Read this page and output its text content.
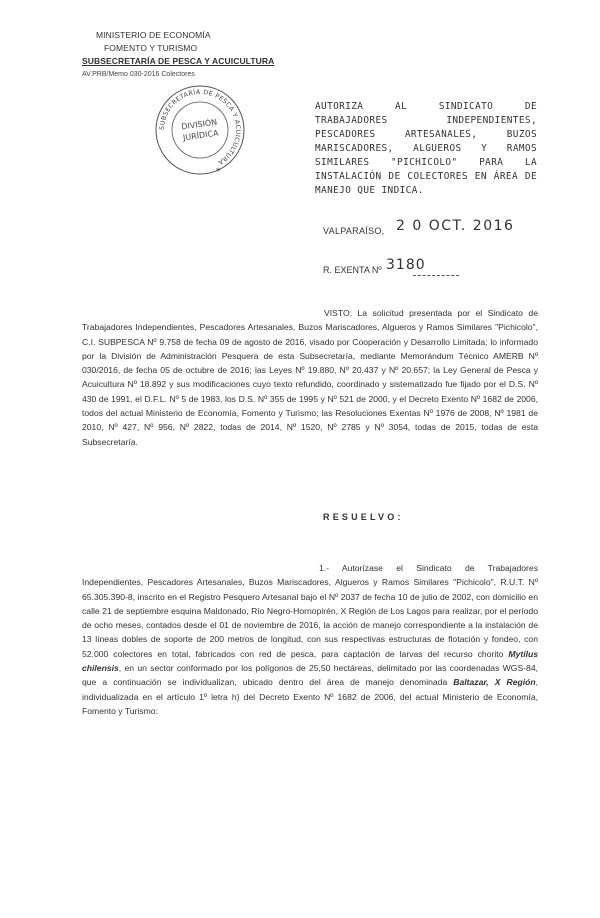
MINISTERIO DE ECONOMÍA
FOMENTO Y TURISMO
SUBSECRETARÍA DE PESCA Y ACUICULTURA
AV.PRB/Memo 030-2016 Colectores
SUBSECRETARÍA DE PESCA Y ACUICULTURA
DIVISIÓN
JURÍDICA
*
AUTORIZA AL SINDICATO DE TRABAJADORES INDEPENDIENTES, PESCADORES ARTESANALES, BUZOS MARISCADORES, ALGUEROS Y RAMOS SIMILARES "PICHICOLO" PARA LA INSTALACIÓN DE COLECTORES EN ÁREA DE MANEJO QUE INDICA.
VALPARAÍSO, 2 0 OCT. 2016
R. EXENTA Nº 3180
VISTO: La solicitud presentada por el Sindicato de Trabajadores Independientes, Pescadores Artesanales, Buzos Mariscadores, Algueros y Ramos Similares "Pichicolo", C.I. SUBPESCA Nº 9.758 de fecha 09 de agosto de 2016, visado por Cooperación y Desarrollo Limitada; lo informado por la División de Administración Pesquera de esta Subsecretaría, mediante Memorándum Técnico AMERB Nº 030/2016, de fecha 05 de octubre de 2016; las Leyes Nº 19.880, Nº 20.437 y Nº 20.657; la Ley General de Pesca y Acuicultura Nº 18.892 y sus modificaciones cuyo texto refundido, coordinado y sistematizado fue fijado por el D.S. Nº 430 de 1991, el D.F.L. Nº 5 de 1983, los D.S. Nº 355 de 1995 y Nº 521 de 2000, y el Decreto Exento Nº 1682 de 2006, todos del actual Ministerio de Economía, Fomento y Turismo; las Resoluciones Exentas Nº 1976 de 2008, Nº 1981 de 2010, Nº 427, Nº 956, Nº 2822, todas de 2014, Nº 1520, Nº 2785 y Nº 3054, todas de 2015, todas de esta Subsecretaría.
RESUELVO:
1.- Autorízase el Sindicato de Trabajadores Independientes, Pescadores Artesanales, Buzos Mariscadores, Algueros y Ramos Similares "Pichicolo", R.U.T. Nº 65.305.390-8, inscrito en el Registro Pesquero Artesanal bajo el Nº 2037 de fecha 10 de julio de 2002, con domicilio en calle 21 de septiembre esquina Maldonado, Río Negro-Hornopirén, X Región de Los Lagos para realizar, por el período de ocho meses, contados desde el 01 de noviembre de 2016, la acción de manejo correspondiente a la instalación de 13 líneas dobles de soporte de 200 metros de longitud, con sus respectivas estructuras de flotación y fondeo, con 52.000 colectores en total, fabricados con red de pesca, para captación de larvas del recurso chorito Mytilus chilensis, en un sector conformado por los polígonos de 25,50 hectáreas, delimitado por las coordenadas WGS-84, que a continuación se individualizan, ubicado dentro del área de manejo denominada Baltazar, X Región, individualizada en el artículo 1º letra h) del Decreto Exento Nº 1682 de 2006, del actual Ministerio de Economía, Fomento y Turismo:
